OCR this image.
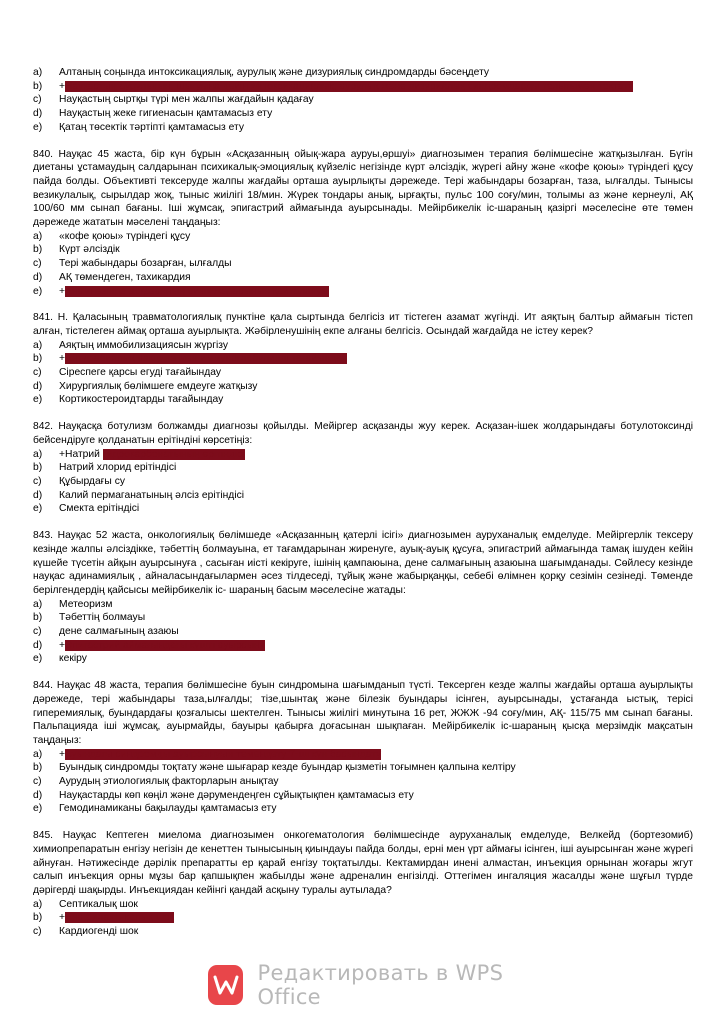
a)	Алтаның соңында интоксикациялық, аурулық және дизуриялық синдромдарды бәсеңдету
b)	+Науқастың аурулығын, шығуына дейін интоксикациялық, аурулық және дизуриялық синдромдарды толығымен тоқтату
c)	Науқастың сыртқы түрі мен жалпы жағдайын қадағау
d)	Науқастың жеке гигиенасын қамтамасыз ету
e)	Қатаң төсектік тәртіпті қамтамасыз ету

840. Науқас 45 жаста, бір күн бұрын «Асқазанның ойық-жара ауруы,өршуі» диагнозымен терапия бөлімшесіне жатқызылған. Бүгін диетаны ұстамаудың салдарынан психикалық-эмоциялық күйзеліс негізінде күрт әлсіздік, жүрегі айну және «кофе қоюы» түріндегі құсу пайда болды. Объективті тексеруде жалпы жағдайы орташа ауырлықты дәрежеде. Тері жабындары бозарған, таза, ылғалды. Тынысы везикулалық, сырылдар жоқ, тыныс жиілігі 18/мин. Жүрек тондары анық, ырғақты, пульс 100 соғу/мин, толымы аз және кернеулі, АҚ 100/60 мм сынап бағаны. Іші жұмсақ, эпигастрий аймағында ауырсынады. Мейірбикелік іс-шараның қазіргі мәселесіне өте төмен дәрежеде жататын мәселені таңдаңыз:

a)	«кофе қоюы» түріндегі құсу
b)	Күрт әлсіздік
c)	Тері жабындары бозарған, ылғалды
d)	АҚ төмендеген, тахикардия
e)	+Анамнезінде асқазанның ойық-жарасының қайталануы

841. Н. Қаласының травматологиялық пунктіне қала сыртында белгісіз ит тістеген азамат жүгінді. Ит аяқтың балтыр аймағын тістеп алған, тістелеген аймақ орташа ауырлықта. Жәбірленушінің екпе алғаны белгісіз. Осындай жағдайда не істеу керек?

a)	Аяқтың иммобилизациясын жүргізу
b)	+Антирабиялық вакцина мен иммуноглобулинді тағайындау
c)	Сіреспеге қарсы егуді тағайындау
d)	Хирургиялық бөлімшеге емдеуге жатқызу
e)	Кортикостероидтарды тағайындау

842. Науқасқа ботулизм болжамды диагнозы қойылды. Мейіргер асқазанды жуу керек. Асқазан-ішек жолдарындағы ботулотоксинді бейсендіруге қолданатын ерітіндіні көрсетіңіз:

a)	+Натрий гидрокарбонатының ерітіндісі
b)	Натрий хлорид ерітіндісі
c)	Құбырдағы су
d)	Калий пермаганатының әлсіз ерітіндісі
e)	Смекта ерітіндісі

843. Науқас 52 жаста, онкологиялық бөлімшеде «Асқазанның қатерлі ісігі» диагнозымен ауруханалық емделуде. Мейіргерлік тексеру кезінде жалпы әлсіздікке, тәбеттің болмауына, ет тағамдарынан жиренуге, ауық-ауық құсуға, эпигастрий аймағында тамақ ішуден кейін күшейе түсетін айқын ауырсынуға , сасыған иісті кекіруге, ішінің қампаюына, дене салмағының азаюына шағымданады. Сөйлесу кезінде науқас адинамиялық , айналасындағылармен әсез тілдеседі, тұйық және жабырқаңқы, себебі өлімнен қорқу сезімін сезінеді. Төменде берілгендердің қайсысы мейірбикелік іс- шараның басым мәселесіне жатады:

a)	Метеоризм
b)	Тәбеттің болмауы
c)	дене салмағының азаюы
d)	+Эпигастрий аймағындағы күшті ауырсыну
e)	кекіру

844. Науқас 48 жаста, терапия бөлімшесіне буын синдромына шағымданып түсті. Тексерген кезде жалпы жағдайы орташа ауырлықты дәрежеде, тері жабындары таза,ылғалды; тізе,шынтақ және білезік буындары ісінген, ауырсынады, ұстағанда ыстық, терісі гиперемиялық, буындардағы қозғалысы шектелген. Тынысы жиілігі минутына 16 рет, ЖЖЖ -94 соғу/мин, АҚ- 115/75 мм сынап бағаны. Пальпацияда іші жұмсақ, ауырмайды, бауыры қабырға доғасынан шықпаған. Мейірбикелік іс-шараның қысқа мерзімдік мақсатын таңдаңыз:

a)	+Буындағы синдромды ауырсынуын төмендету 7-ші күн басындату
b)	Буындық синдромды тоқтату және шығарар кезде буындар қызметін тоғымнен қалпына келтіру
c)	Аурудың этиологиялық факторларын анықтау
d)	Науқастарды көп көңіл және дәрумендеңген сұйықтықпен қамтамасыз ету
e)	Гемодинамиканы бақылауды қамтамасыз ету

845. Науқас Кептеген миелома диагнозымен онкогематология бөлімшесінде ауруханалық емделуде, Велкейд (бортезомиб) химиопрепаратын енгізу негізін де кенеттен тыныcының қиындауы пайда болды, ерні мен үрт аймағы ісінген, іші ауырсынған және жүрегі айнуған. Нәтижесінде дәрілік препаратты ер қарай енгізу тоқтатылды. Кектамирдан инені алмастан, инъекция орнынан жоғары жгут салып инъекция орны мұзы бар қапшықпен жабылды және адреналин енгізілді. Оттегімен ингаляция жасалды және шұғыл түрде дәрігерді шақырды. Инъекциядан кейінгі қандай асқыну туралы аутылада?

a)	Септикалық шок
b)	+Анафилактикалық шок
c)	Кардиогенді шок
Редактировать в WPS Office
